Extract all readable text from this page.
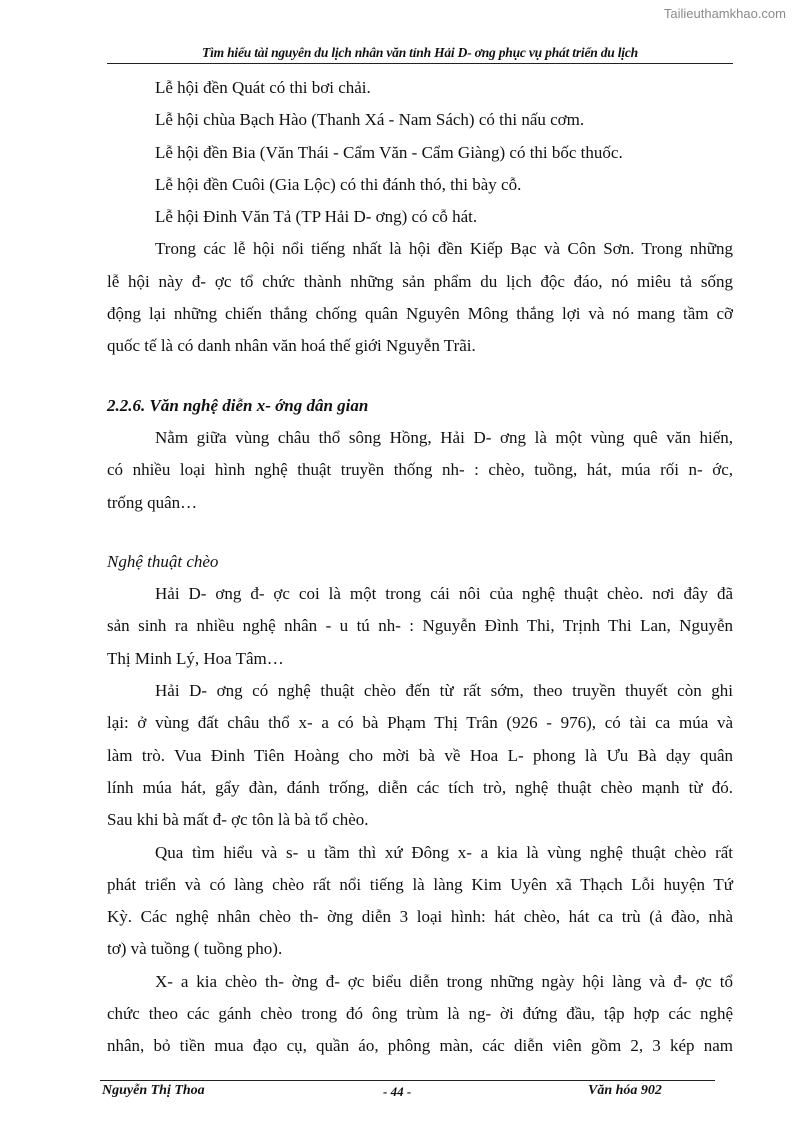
Tailieuthamkhao.com
Tìm hiểu tài nguyên du lịch nhân văn tỉnh Hải D- ơng phục vụ phát triển du lịch
Lễ hội đền Quát có thi bơi chải.
Lễ hội chùa Bạch Hào (Thanh Xá - Nam Sách) có thi nấu cơm.
Lễ hội đền Bia (Văn Thái - Cẩm Văn - Cẩm Giàng) có thi bốc thuốc.
Lễ hội đền Cuôi (Gia Lộc) có thi đánh thó, thi bày cỗ.
Lễ hội Đinh Văn Tả (TP Hải D- ơng) có cỗ hát.
Trong các lễ hội nổi tiếng nhất là hội đền Kiếp Bạc và Côn Sơn. Trong những
lễ hội này đ- ợc tổ chức thành những sản phẩm du lịch độc đáo, nó miêu tả sống
động lại những chiến thắng chống quân Nguyên Mông thắng lợi và nó mang tầm cỡ
quốc tế là có danh nhân văn hoá thế giới Nguyễn Trãi.
2.2.6. Văn nghệ diễn x- ớng dân gian
Nằm giữa vùng châu thổ sông Hồng, Hải D- ơng là một vùng quê văn hiến,
có nhiều loại hình nghệ thuật truyền thống nh- : chèo, tuồng, hát, múa rối n- ớc,
trống quân…
Nghệ thuật chèo
Hải D- ơng đ- ợc coi là một trong cái nôi của nghệ thuật chèo. nơi đây đã
sản sinh ra nhiều nghệ nhân - u tú nh- : Nguyễn Đình Thi, Trịnh Thi Lan, Nguyễn
Thị Minh Lý, Hoa Tâm…
Hải D- ơng có nghệ thuật chèo đến từ rất sớm, theo truyền thuyết còn ghi
lại: ở vùng đất châu thổ x- a có bà Phạm Thị Trân (926 - 976), có tài ca múa và
làm trò. Vua Đinh Tiên Hoàng cho mời bà về Hoa L- phong là Ưu Bà dạy quân
lính múa hát, gẩy đàn, đánh trống, diễn các tích trò, nghệ thuật chèo mạnh từ đó.
Sau khi bà mất đ- ợc tôn là bà tổ chèo.
Qua tìm hiểu và s- u tầm thì xứ Đông x- a kia là vùng nghệ thuật chèo rất
phát triển và có làng chèo rất nổi tiếng là làng Kim Uyên xã Thạch Lỗi huyện Tứ
Kỳ. Các nghệ nhân chèo th- ờng diễn 3 loại hình: hát chèo, hát ca trù (ả đào, nhà
tơ) và tuồng ( tuồng pho).
X- a kia chèo th- ờng đ- ợc biểu diễn trong những ngày hội làng và đ- ợc tổ
chức theo các gánh chèo trong đó ông trùm là ng- ời đứng đầu, tập hợp các nghệ
nhân, bỏ tiền mua đạo cụ, quần áo, phông màn, các diễn viên gồm 2, 3 kép nam
Nguyễn Thị Thoa	- 44 -	Văn hóa 902
